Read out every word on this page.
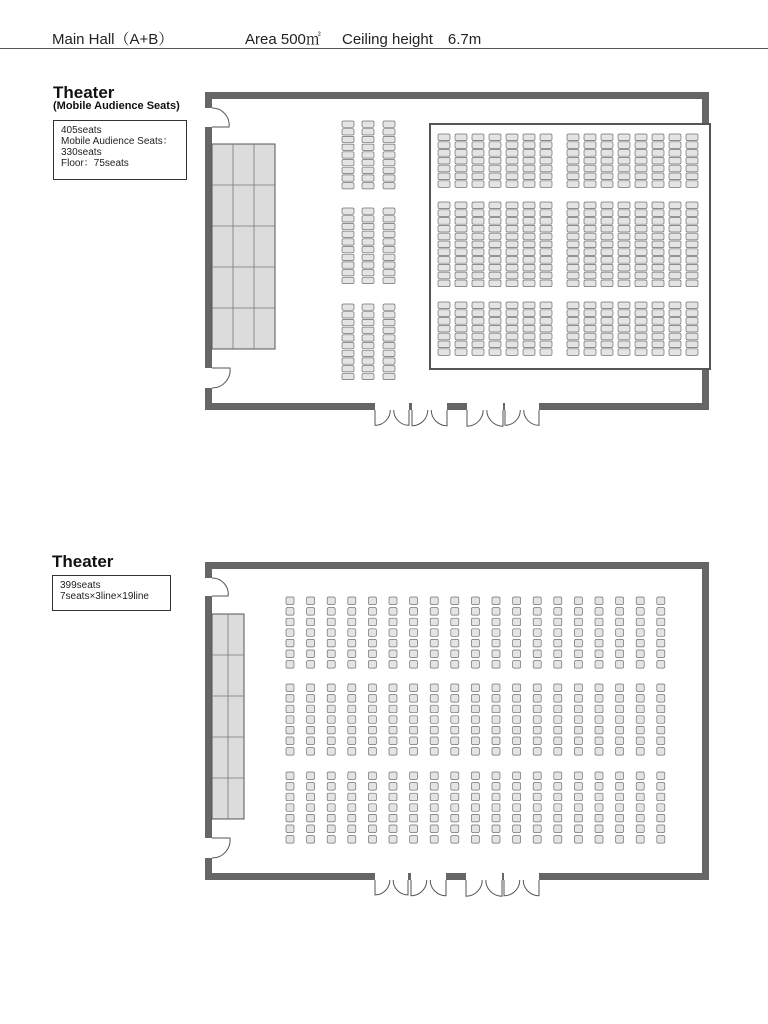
Main Hall（A+B）	Area 500㎡ Ceiling height　6.7m
Theater
(Mobile Audience Seats)
405seats
Mobile Audience Seats：
330seats
Floor：75seats
Theater
399seats
7seats×3line×19line
